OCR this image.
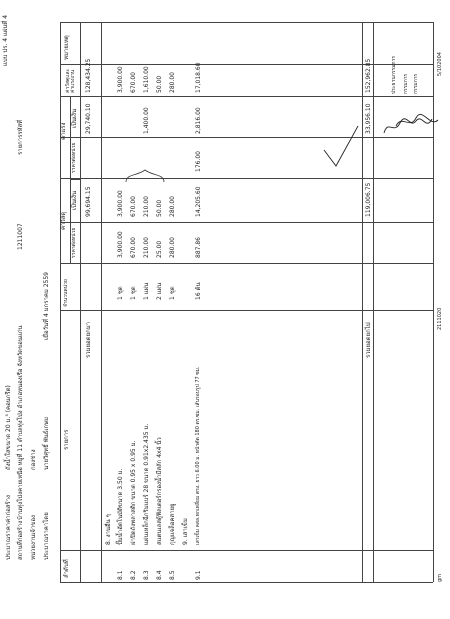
ประมาณราคาค่าก่อสร้าง
ถังน้ำใสขนาด 20 ม.³ (คอนกรีต)
สถานที่ก่อสร้าง
บ้านทุ่งโป่งคายเหนือ หมู่ที่ 11 ตำบลทุ่งโป่ง อำเภอหนองเรือ จังหวัดขอนแก่น
1211007
รายการรหัสที่
หน่วยงานเจ้าของ
กองช่าง
ประมาณราคาโดย
นายวิศุทธิ์ พันธ์เกษม
เมื่อวันที่ 4 มกราคม 2559
แบบ ปร. 4 แผ่นที่ 4
ลำดับที่
รายการ
จำนวนหน่วย
ค่าวัสดุ
ราคาต่อหน่วย
เป็นเงิน
ค่าแรง
ราคาต่อหน่วย
เป็นเงิน
ค่าวัสดุและค่าแรงงาน
หมายเหตุ
รวมยอดยกมา
99,694.15
29,740.10
128,434.25
8. งานอื่น ๆ
8.1
ปั๊มน้ำอัตโนมัติขนาด 3.50 ม.
1 ชุด
3,900.00
3,900.00
3,900.00
8.2
ฝาปิดถังพลาสติก ขนาด 0.95 x 0.95 ม.
1 ชุด
670.00
670.00
670.00
8.3
แผ่นเหล็กฉีกริมแบร์ 28 ขนาด 0.91x2.435 ม.
1 แผ่น
210.00
210.00
1,400.00
1,610.00
8.4
สแตนเลสตู้ฟิลเตอร์กรองน้ำมีสลัก 4x4 นิ้ว
2 แผ่น
25.00
50.00
50.00
8.5
กุญแจล็อคสายยู
1 ชุด
280.00
280.00
280.00
9. เสาเข็ม
9.1
เสาเข็ม คสล.หกเหลี่ยม ตรง. ยาว 6.00 ม. หน้าตัด 180 ตร.ซม. เส้นรอบรูป 77 ซม.
16 ต้น
887.86
14,205.60
176.00
2,816.00
17,018.60
รวมยอดยกไป
119,006.75
33,956.10
152,962.85	ประธานกรรมการ กรรมการ กรรมการ
gm
2111020
5/102004
